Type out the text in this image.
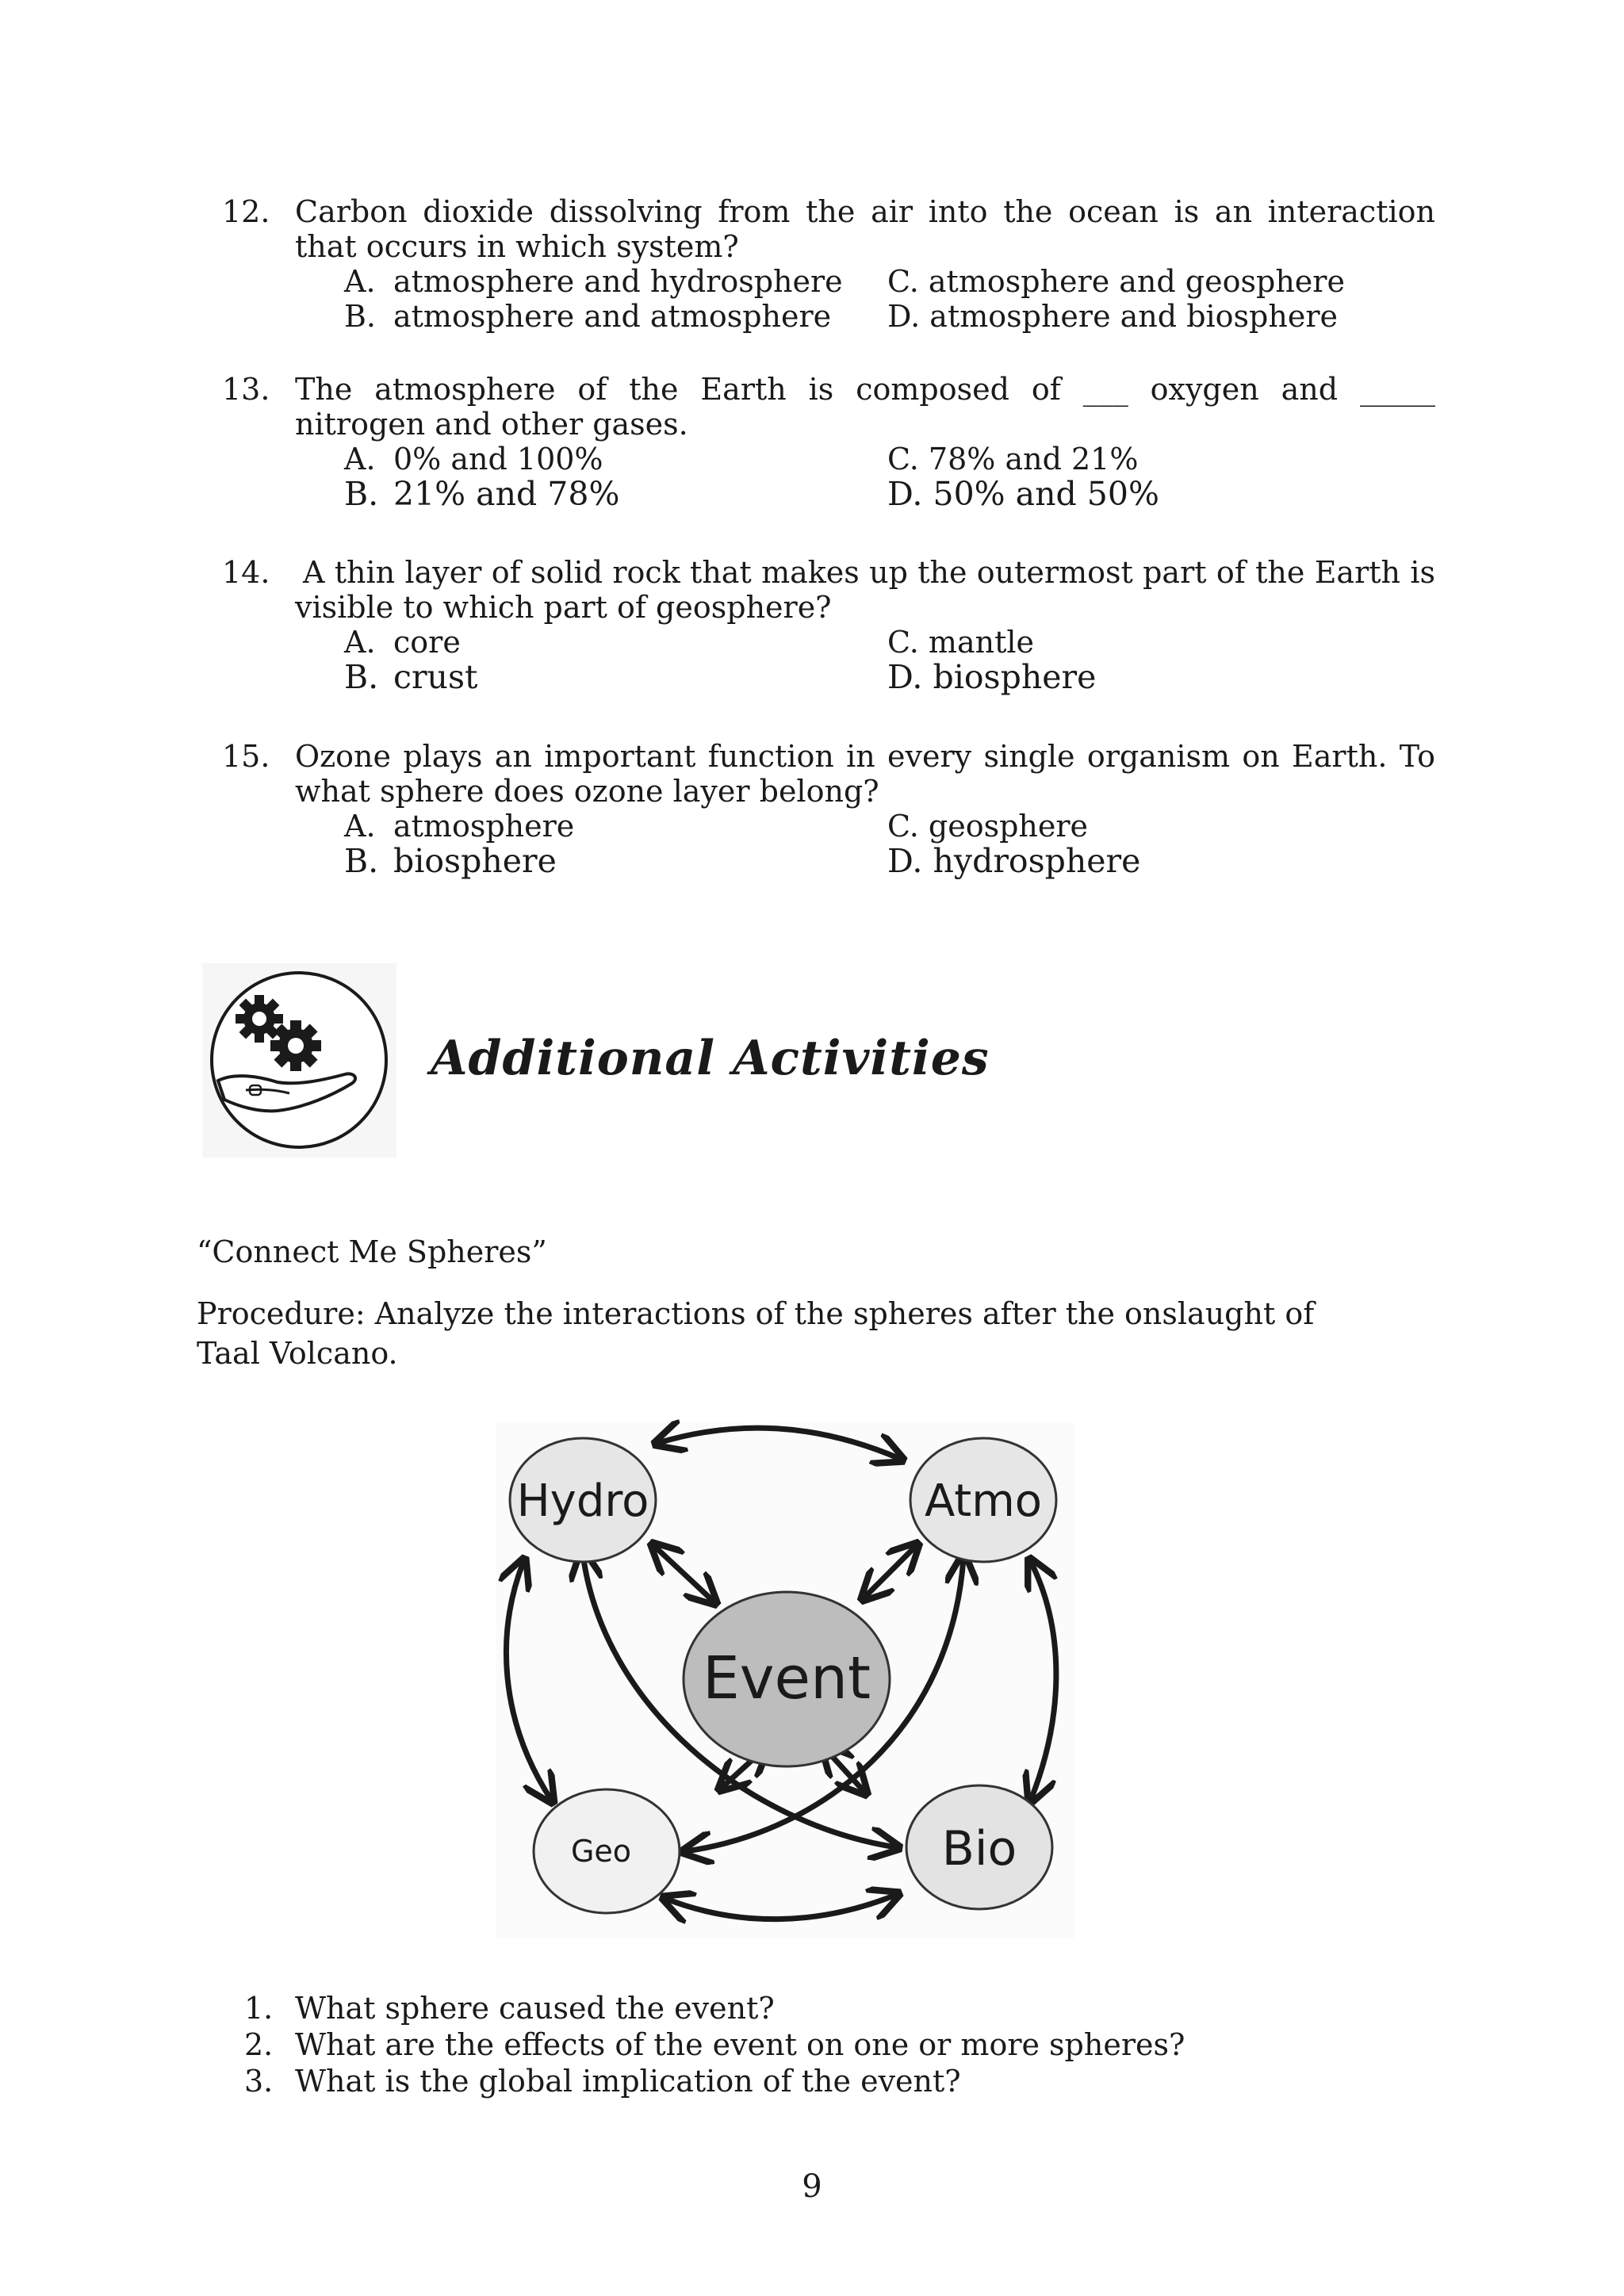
12. Carbon dioxide dissolving from the air into the ocean is an interaction that occurs in which system?
A. atmosphere and hydrosphere
B. atmosphere and atmosphere
C. atmosphere and geosphere
D. atmosphere and biosphere
13. The atmosphere of the Earth is composed of ___ oxygen and _____ nitrogen and other gases.
A. 0% and 100%
B. 21% and 78%
C. 78% and 21%
D. 50% and 50%
14. A thin layer of solid rock that makes up the outermost part of the Earth is visible to which part of geosphere?
A. core
B. crust
C. mantle
D. biosphere
15. Ozone plays an important function in every single organism on Earth. To what sphere does ozone layer belong?
A. atmosphere
B. biosphere
C. geosphere
D. hydrosphere
Additional Activities
“Connect Me Spheres”
Procedure: Analyze the interactions of the spheres after the onslaught of Taal Volcano.
Hydro	Atmo
Event
Geo	Bio
1. What sphere caused the event?
2. What are the effects of the event on one or more spheres?
3. What is the global implication of the event?
9
